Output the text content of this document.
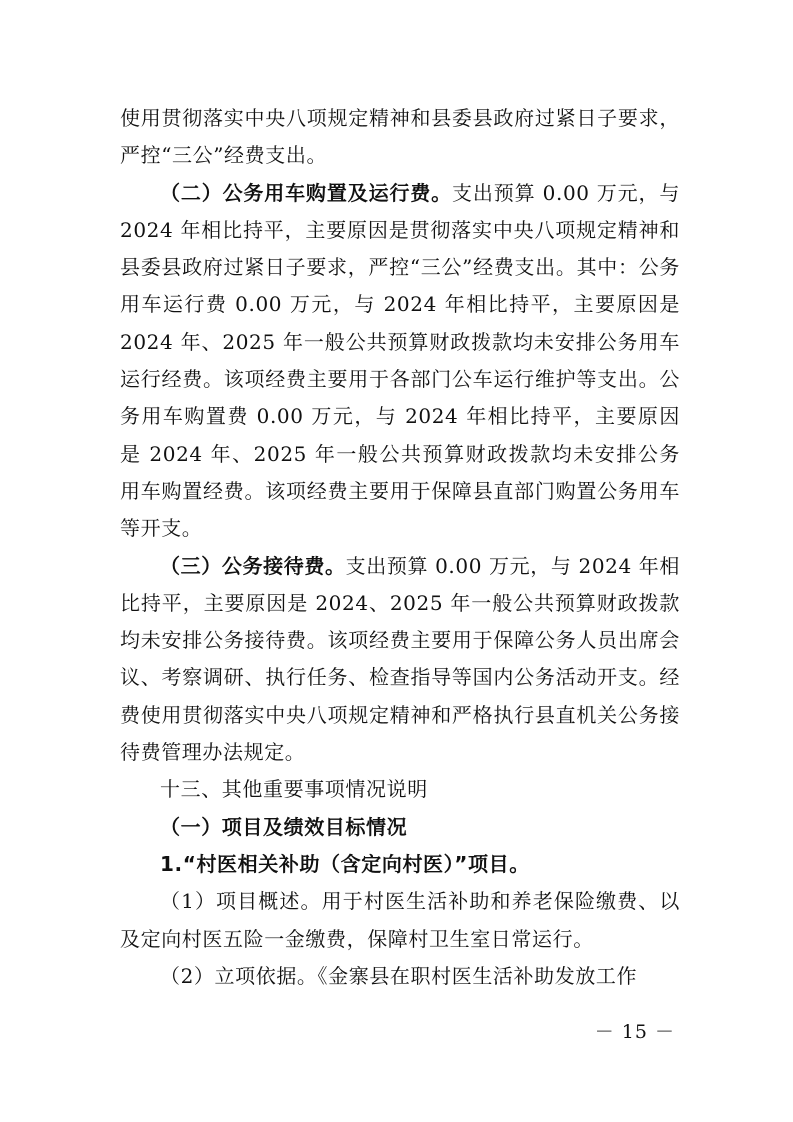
使用贯彻落实中央八项规定精神和县委县政府过紧日子要求，严控“三公”经费支出。

（二）公务用车购置及运行费。支出预算 0.00 万元，与 2024 年相比持平，主要原因是贯彻落实中央八项规定精神和县委县政府过紧日子要求，严控“三公”经费支出。其中：公务用车运行费 0.00 万元，与 2024 年相比持平，主要原因是 2024 年、2025 年一般公共预算财政拨款均未安排公务用车运行经费。该项经费主要用于各部门公车运行维护等支出。公务用车购置费 0.00 万元，与 2024 年相比持平，主要原因是 2024 年、2025 年一般公共预算财政拨款均未安排公务用车购置经费。该项经费主要用于保障县直部门购置公务用车等开支。

（三）公务接待费。支出预算 0.00 万元，与 2024 年相比持平，主要原因是 2024、2025 年一般公共预算财政拨款均未安排公务接待费。该项经费主要用于保障公务人员出席会议、考察调研、执行任务、检查指导等国内公务活动开支。经费使用贯彻落实中央八项规定精神和严格执行县直机关公务接待费管理办法规定。

十三、其他重要事项情况说明

（一）项目及绩效目标情况

1.“村医相关补助（含定向村医）”项目。

（1）项目概述。用于村医生活补助和养老保险缴费、以及定向村医五险一金缴费，保障村卫生室日常运行。

（2）立项依据。《金寨县在职村医生活补助发放工作

－ 15 －
